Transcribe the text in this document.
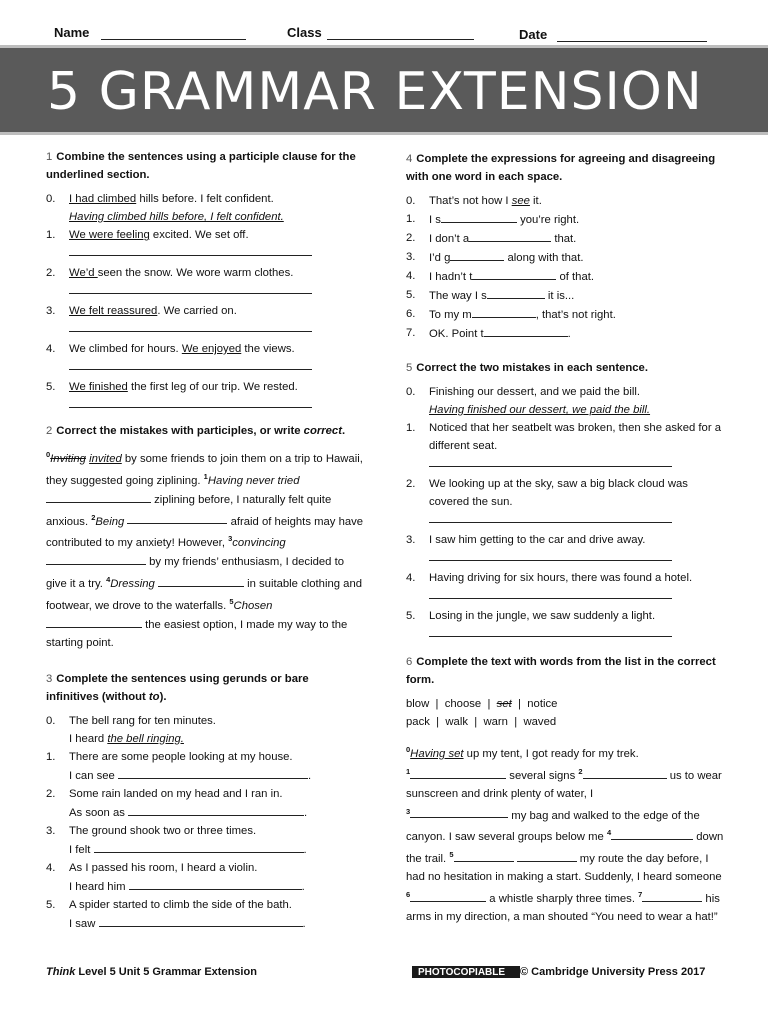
Name	Class	Date
5 GRAMMAR EXTENSION
1 Combine the sentences using a participle clause for the underlined section.
0.	I had climbed hills before. I felt confident.
Having climbed hills before, I felt confident.
1.	We were feeling excited. We set off.
2.	We’d seen the snow. We wore warm clothes.
3.	We felt reassured. We carried on.
4.	We climbed for hours. We enjoyed the views.
5.	We finished the first leg of our trip. We rested.
2 Correct the mistakes with participles, or write correct.
$^0$Inviting invited by some friends to join them on a trip to Hawaii, they suggested going ziplining. $^1$Having never tried  ziplining before, I naturally felt quite anxious. $^2$Being	afraid of heights may have contributed to my anxiety! However, $^3$convincing  by my friends’ enthusiasm, I decided to give it a try. $^4$Dressing	in suitable clothing and footwear, we drove to the waterfalls. $^5$Chosen  the easiest option, I made my way to the starting point.
3 Complete the sentences using gerunds or bare infinitives (without to).
0.	The bell rang for ten minutes.
I heard the bell ringing.
1.	There are some people looking at my house.
I can see	.
2.	Some rain landed on my head and I ran in.
As soon as	.
3.	The ground shook two or three times.
I felt	.
4.	As I passed his room, I heard a violin.
I heard him	.
5.	A spider started to climb the side of the bath.
I saw	.
4 Complete the expressions for agreeing and disagreeing with one word in each space.
0.	That’s not how I see it.
1.	I s	you’re right.
2.	I don’t a	that.
3.	I’d g	along with that.
4.	I hadn’t t	of that.
5.	The way I s	it is...
6.	To my m	, that’s not right.
7.	OK. Point t	.
5 Correct the two mistakes in each sentence.
0.	Finishing our dessert, and we paid the bill.
Having finished our dessert, we paid the bill.
1.	Noticed that her seatbelt was broken, then she asked for a different seat.
2.	We looking up at the sky, saw a big black cloud was covered the sun.
3.	I saw him getting to the car and drive away.
4.	Having driving for six hours, there was found a hotel.
5.	Losing in the jungle, we saw suddenly a light.
6 Complete the text with words from the list in the correct form.
blow | choose | set | notice
pack | walk | warn | waved
$^0$Having set up my tent, I got ready for my trek.
$^1$	several signs $^2$	us to wear sunscreen and drink plenty of water, I
$^3$	my bag and walked to the edge of the canyon. I saw several groups below me $^4$	down the trail. $^5$	my route the day before, I had no hesitation in making a start. Suddenly, I heard someone $^6$	a whistle sharply three times. $^7$	his arms in my direction, a man shouted “You need to wear a hat!”
Think Level 5 Unit 5 Grammar Extension	PHOTOCOPIABLE © Cambridge University Press 2017
